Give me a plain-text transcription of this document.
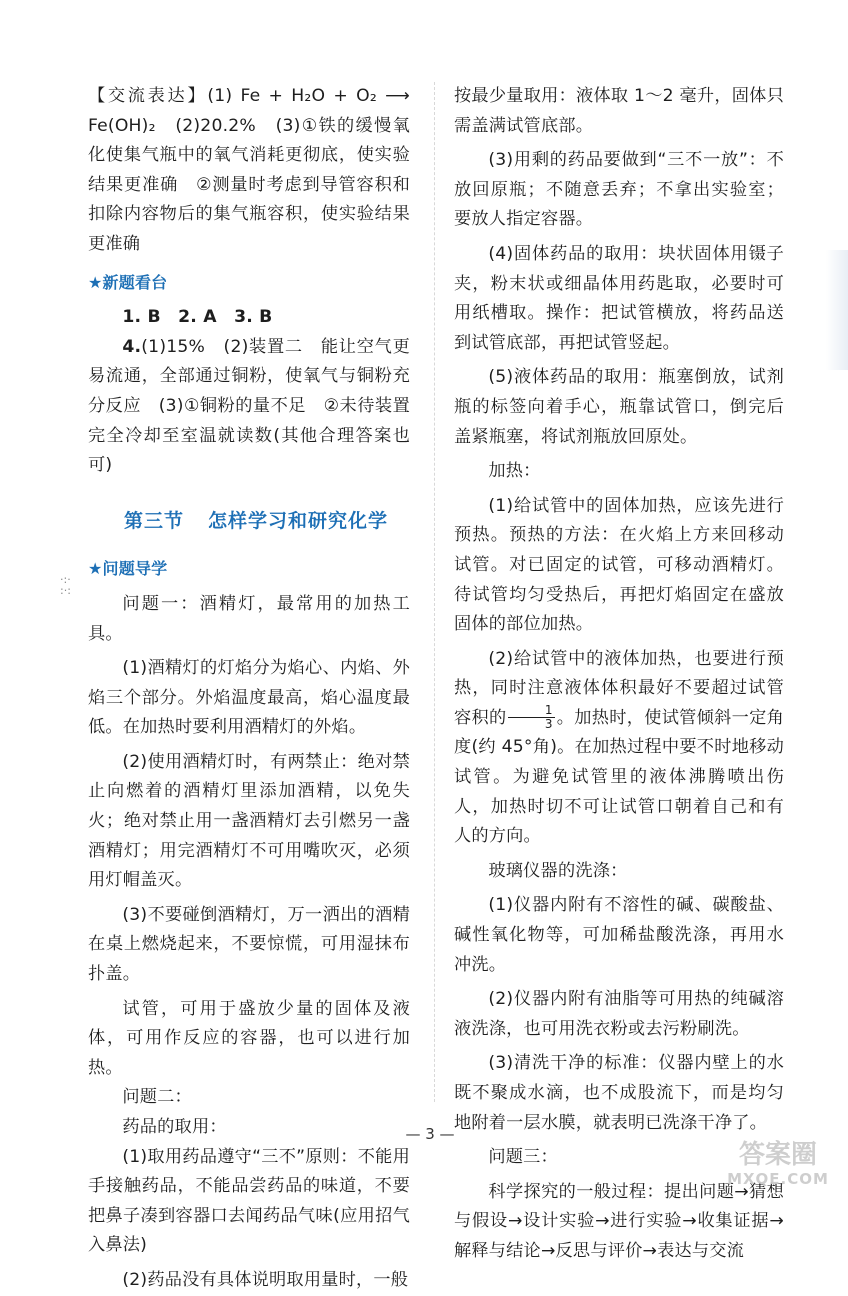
·:·
:·:

【交流表达】(1) Fe + H₂O + O₂ ⟶ Fe(OH)₂　(2)20.2%　(3)①铁的缓慢氧化使集气瓶中的氧气消耗更彻底，使实验结果更准确　②测量时考虑到导管容积和扣除内容物后的集气瓶容积，使实验结果更准确

★新题看台

1. B　2. A　3. B

4.(1)15%　(2)装置二　能让空气更易流通，全部通过铜粉，使氧气与铜粉充分反应　(3)①铜粉的量不足　②未待装置完全冷却至室温就读数(其他合理答案也可)

第三节 怎样学习和研究化学

★问题导学

问题一：酒精灯，最常用的加热工具。

(1)酒精灯的灯焰分为焰心、内焰、外焰三个部分。外焰温度最高，焰心温度最低。在加热时要利用酒精灯的外焰。

(2)使用酒精灯时，有两禁止：绝对禁止向燃着的酒精灯里添加酒精，以免失火；绝对禁止用一盏酒精灯去引燃另一盏酒精灯；用完酒精灯不可用嘴吹灭，必须用灯帽盖灭。

(3)不要碰倒酒精灯，万一洒出的酒精在桌上燃烧起来，不要惊慌，可用湿抹布扑盖。

试管，可用于盛放少量的固体及液体，可用作反应的容器，也可以进行加热。

问题二：

药品的取用：

(1)取用药品遵守“三不”原则：不能用手接触药品，不能品尝药品的味道，不要把鼻子凑到容器口去闻药品气味(应用招气入鼻法)

(2)药品没有具体说明取用量时，一般

按最少量取用：液体取 1～2 毫升，固体只需盖满试管底部。

(3)用剩的药品要做到“三不一放”：不放回原瓶；不随意丢弃；不拿出实验室；要放人指定容器。

(4)固体药品的取用：块状固体用镊子夹，粉末状或细晶体用药匙取，必要时可用纸槽取。操作：把试管横放，将药品送到试管底部，再把试管竖起。

(5)液体药品的取用：瓶塞倒放，试剂瓶的标签向着手心，瓶靠试管口，倒完后盖紧瓶塞，将试剂瓶放回原处。

加热：

(1)给试管中的固体加热，应该先进行预热。预热的方法：在火焰上方来回移动试管。对已固定的试管，可移动酒精灯。待试管均匀受热后，再把灯焰固定在盛放固体的部位加热。

(2)给试管中的液体加热，也要进行预热，同时注意液体体积最好不要超过试管容积的 $\frac{1}{3}$ 。加热时，使试管倾斜一定角度(约 45°角)。在加热过程中要不时地移动试管。为避免试管里的液体沸腾喷出伤人，加热时切不可让试管口朝着自己和有人的方向。

玻璃仪器的洗涤：

(1)仪器内附有不溶性的碱、碳酸盐、碱性氧化物等，可加稀盐酸洗涤，再用水冲洗。

(2)仪器内附有油脂等可用热的纯碱溶液洗涤，也可用洗衣粉或去污粉刷洗。

(3)清洗干净的标准：仪器内壁上的水既不聚成水滴，也不成股流下，而是均匀地附着一层水膜，就表明已洗涤干净了。

问题三：

科学探究的一般过程：提出问题→猜想与假设→设计实验→进行实验→收集证据→解释与结论→反思与评价→表达与交流

— 3 —
答案圈
MXQE.COM
